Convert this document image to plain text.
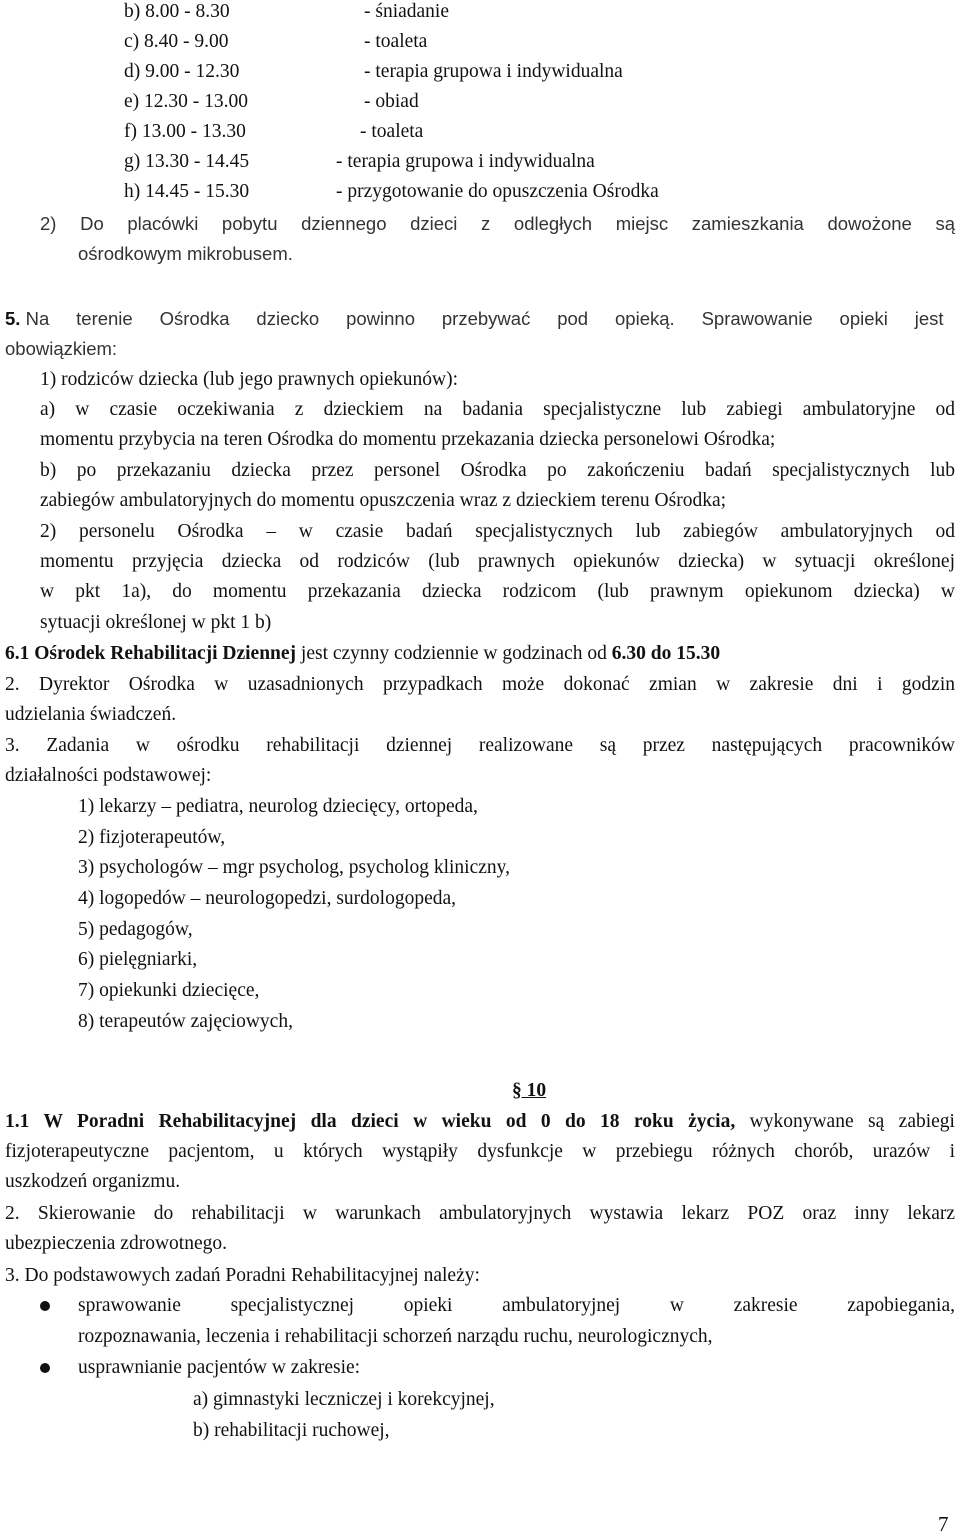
b) 8.00 - 8.30	- śniadanie
c) 8.40 - 9.00	- toaleta
d) 9.00 - 12.30	- terapia grupowa i indywidualna
e) 12.30 - 13.00	- obiad
f) 13.00 - 13.30	- toaleta
g) 13.30 - 14.45	- terapia grupowa i indywidualna
h) 14.45 - 15.30	- przygotowanie do opuszczenia Ośrodka
2) Do placówki pobytu dziennego dzieci z odległych miejsc zamieszkania dowożone są
ośrodkowym mikrobusem.
5. Na terenie Ośrodka dziecko powinno przebywać pod opieką. Sprawowanie opieki jest
obowiązkiem:
1) rodziców dziecka (lub jego prawnych opiekunów):
a) w czasie oczekiwania z dzieckiem na badania specjalistyczne lub zabiegi ambulatoryjne od
momentu przybycia na teren Ośrodka do momentu przekazania dziecka personelowi Ośrodka;
b) po przekazaniu dziecka przez personel Ośrodka po zakończeniu badań specjalistycznych lub
zabiegów ambulatoryjnych do momentu opuszczenia wraz z dzieckiem terenu Ośrodka;
2) personelu Ośrodka – w czasie badań specjalistycznych lub zabiegów ambulatoryjnych od
momentu przyjęcia dziecka od rodziców (lub prawnych opiekunów dziecka) w sytuacji określonej
w pkt 1a), do momentu przekazania dziecka rodzicom (lub prawnym opiekunom dziecka) w
sytuacji określonej w pkt 1 b)
6.1 Ośrodek Rehabilitacji Dziennej jest czynny codziennie w godzinach od 6.30 do 15.30
2. Dyrektor Ośrodka w uzasadnionych przypadkach może dokonać zmian w zakresie dni i godzin
udzielania świadczeń.
3. Zadania w ośrodku rehabilitacji dziennej realizowane są przez następujących pracowników
działalności podstawowej:
1) lekarzy – pediatra, neurolog dziecięcy, ortopeda,
2) fizjoterapeutów,
3) psychologów – mgr psycholog, psycholog kliniczny,
4) logopedów – neurologopedzi, surdologopeda,
5) pedagogów,
6) pielęgniarki,
7) opiekunki dziecięce,
8) terapeutów zajęciowych,
§ 10
1.1 W Poradni Rehabilitacyjnej dla dzieci w wieku od 0 do 18 roku życia, wykonywane są zabiegi
fizjoterapeutyczne pacjentom, u których wystąpiły dysfunkcje w przebiegu różnych chorób, urazów i
uszkodzeń organizmu.
2. Skierowanie do rehabilitacji w warunkach ambulatoryjnych wystawia lekarz POZ oraz inny lekarz
ubezpieczenia zdrowotnego.
3. Do podstawowych zadań Poradni Rehabilitacyjnej należy:
sprawowanie specjalistycznej opieki ambulatoryjnej w zakresie zapobiegania,
rozpoznawania, leczenia i rehabilitacji schorzeń narządu ruchu, neurologicznych,
usprawnianie pacjentów w zakresie:
a) gimnastyki leczniczej i korekcyjnej,
b) rehabilitacji ruchowej,
7
